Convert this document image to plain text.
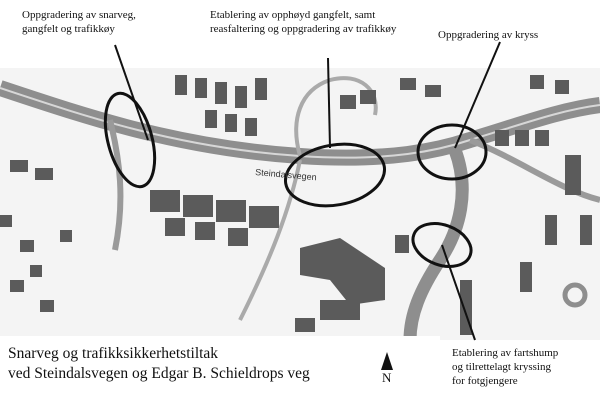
Steindalsvegen
Oppgradering av snarveg,
gangfelt og trafikkøy
Etablering av opphøyd gangfelt, samt
reasfaltering og oppgradering av trafikkøy	Oppgradering av kryss
Snarveg og trafikksikkerhetstiltak
ved Steindalsvegen og Edgar B. Schieldrops veg	N
Etablering av fartshump
og tilrettelagt kryssing
for fotgjengere
